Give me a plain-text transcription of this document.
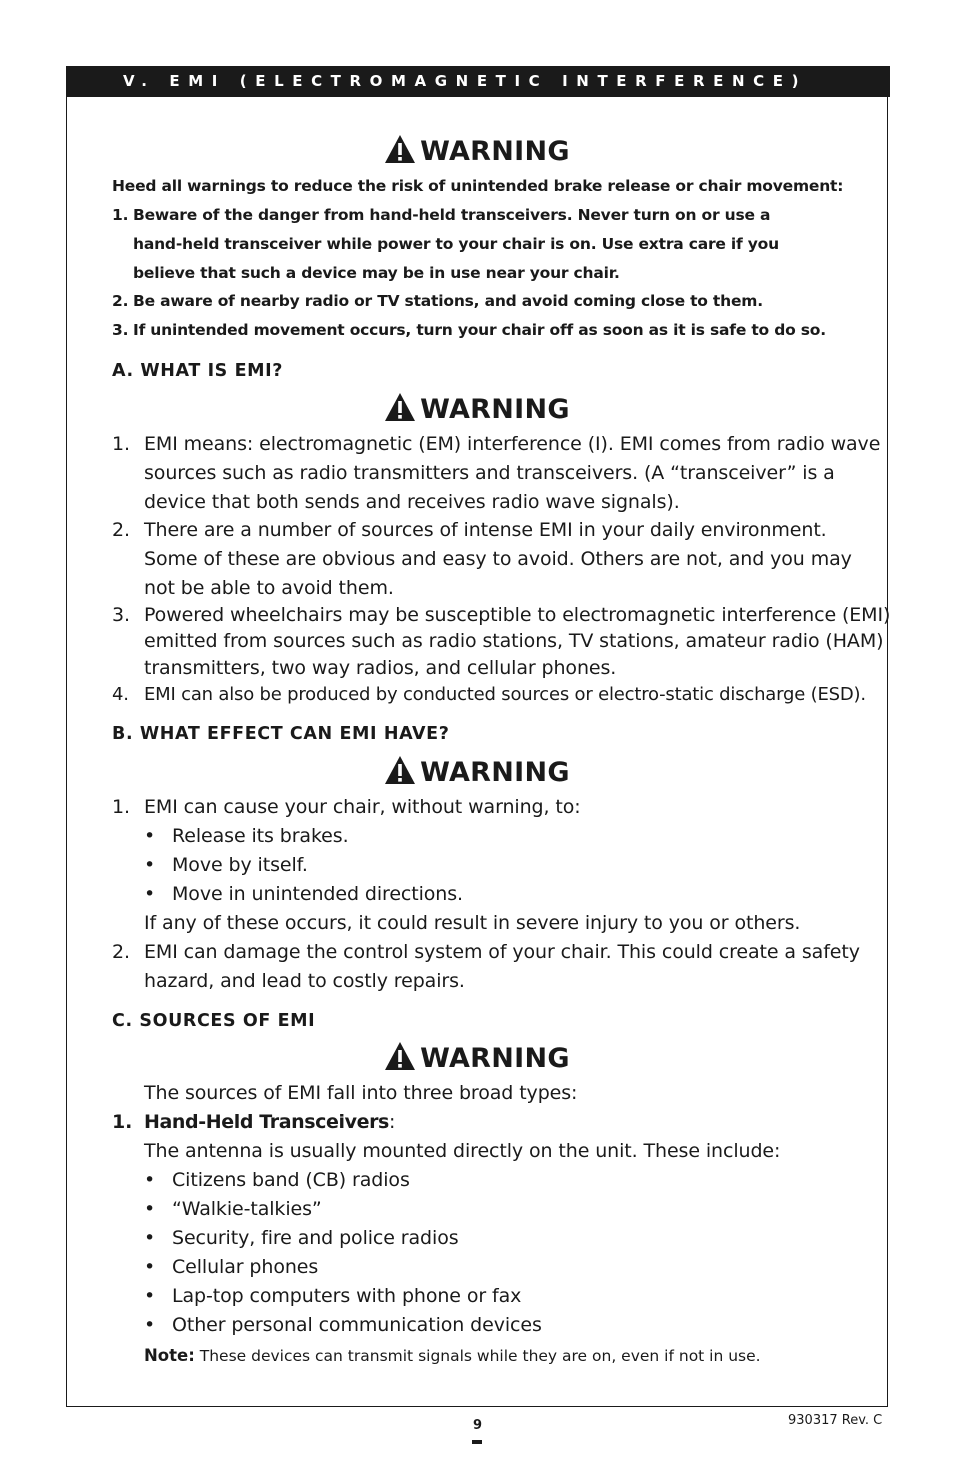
V. EMI (ELECTROMAGNETIC INTERFERENCE)
WARNING
Heed all warnings to reduce the risk of unintended brake release or chair movement:
1. Beware of the danger from hand-held transceivers. Never turn on or use a
hand-held transceiver while power to your chair is on. Use extra care if you
believe that such a device may be in use near your chair.
2. Be aware of nearby radio or TV stations, and avoid coming close to them.
3. If unintended movement occurs, turn your chair off as soon as it is safe to do so.
A. WHAT IS EMI?
WARNING
1. EMI means: electromagnetic (EM) interference (I). EMI comes from radio wave
sources such as radio transmitters and transceivers. (A “transceiver” is a
device that both sends and receives radio wave signals).
2. There are a number of sources of intense EMI in your daily environment.
Some of these are obvious and easy to avoid. Others are not, and you may
not be able to avoid them.
3. Powered wheelchairs may be susceptible to electromagnetic interference (EMI)
emitted from sources such as radio stations, TV stations, amateur radio (HAM)
transmitters, two way radios, and cellular phones.
4. EMI can also be produced by conducted sources or electro-static discharge (ESD).
B. WHAT EFFECT CAN EMI HAVE?
WARNING
1. EMI can cause your chair, without warning, to:
• Release its brakes.
• Move by itself.
• Move in unintended directions.
If any of these occurs, it could result in severe injury to you or others.
2. EMI can damage the control system of your chair. This could create a safety
hazard, and lead to costly repairs.
C. SOURCES OF EMI
WARNING
The sources of EMI fall into three broad types:
1. Hand-Held Transceivers:
The antenna is usually mounted directly on the unit. These include:
• Citizens band (CB) radios
• “Walkie-talkies”
• Security, fire and police radios
• Cellular phones
• Lap-top computers with phone or fax
• Other personal communication devices
Note: These devices can transmit signals while they are on, even if not in use.
9	930317 Rev. C
